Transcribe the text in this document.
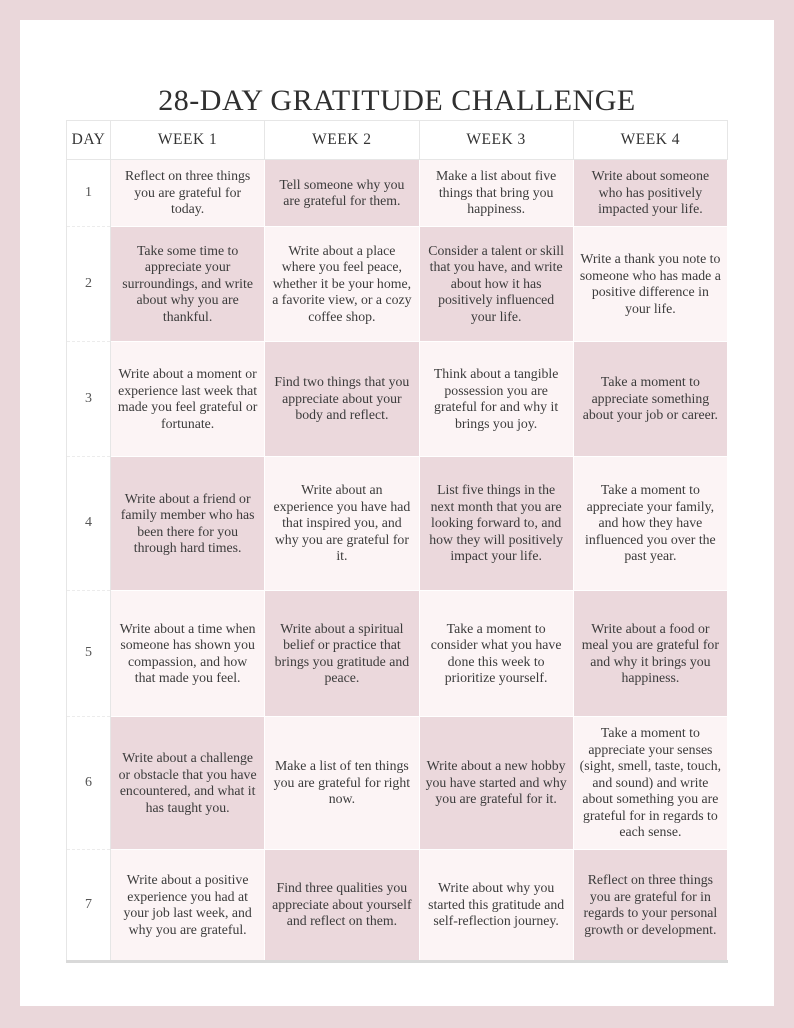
28-DAY GRATITUDE CHALLENGE
DAY	WEEK 1	WEEK 2	WEEK 3	WEEK 4
1	Reflect on three things you are grateful for today.	Tell someone why you are grateful for them.	Make a list about five things that bring you happiness.	Write about someone who has positively impacted your life.
2	Take some time to appreciate your surroundings, and write about why you are thankful.	Write about a place where you feel peace, whether it be your home, a favorite view, or a cozy coffee shop.	Consider a talent or skill that you have, and write about how it has positively influenced your life.	Write a thank you note to someone who has made a positive difference in your life.
3	Write about a moment or experience last week that made you feel grateful or fortunate.	Find two things that you appreciate about your body and reflect.	Think about a tangible possession you are grateful for and why it brings you joy.	Take a moment to appreciate something about your job or career.
4	Write about a friend or family member who has been there for you through hard times.	Write about an experience you have had that inspired you, and why you are grateful for it.	List five things in the next month that you are looking forward to, and how they will positively impact your life.	Take a moment to appreciate your family, and how they have influenced you over the past year.
5	Write about a time when someone has shown you compassion, and how that made you feel.	Write about a spiritual belief or practice that brings you gratitude and peace.	Take a moment to consider what you have done this week to prioritize yourself.	Write about a food or meal you are grateful for and why it brings you happiness.
6	Write about a challenge or obstacle that you have encountered, and what it has taught you.	Make a list of ten things you are grateful for right now.	Write about a new hobby you have started and why you are grateful for it.	Take a moment to appreciate your senses (sight, smell, taste, touch, and sound) and write about something you are grateful for in regards to each sense.
7	Write about a positive experience you had at your job last week, and why you are grateful.	Find three qualities you appreciate about yourself and reflect on them.	Write about why you started this gratitude and self-reflection journey.	Reflect on three things you are grateful for in regards to your personal growth or development.
